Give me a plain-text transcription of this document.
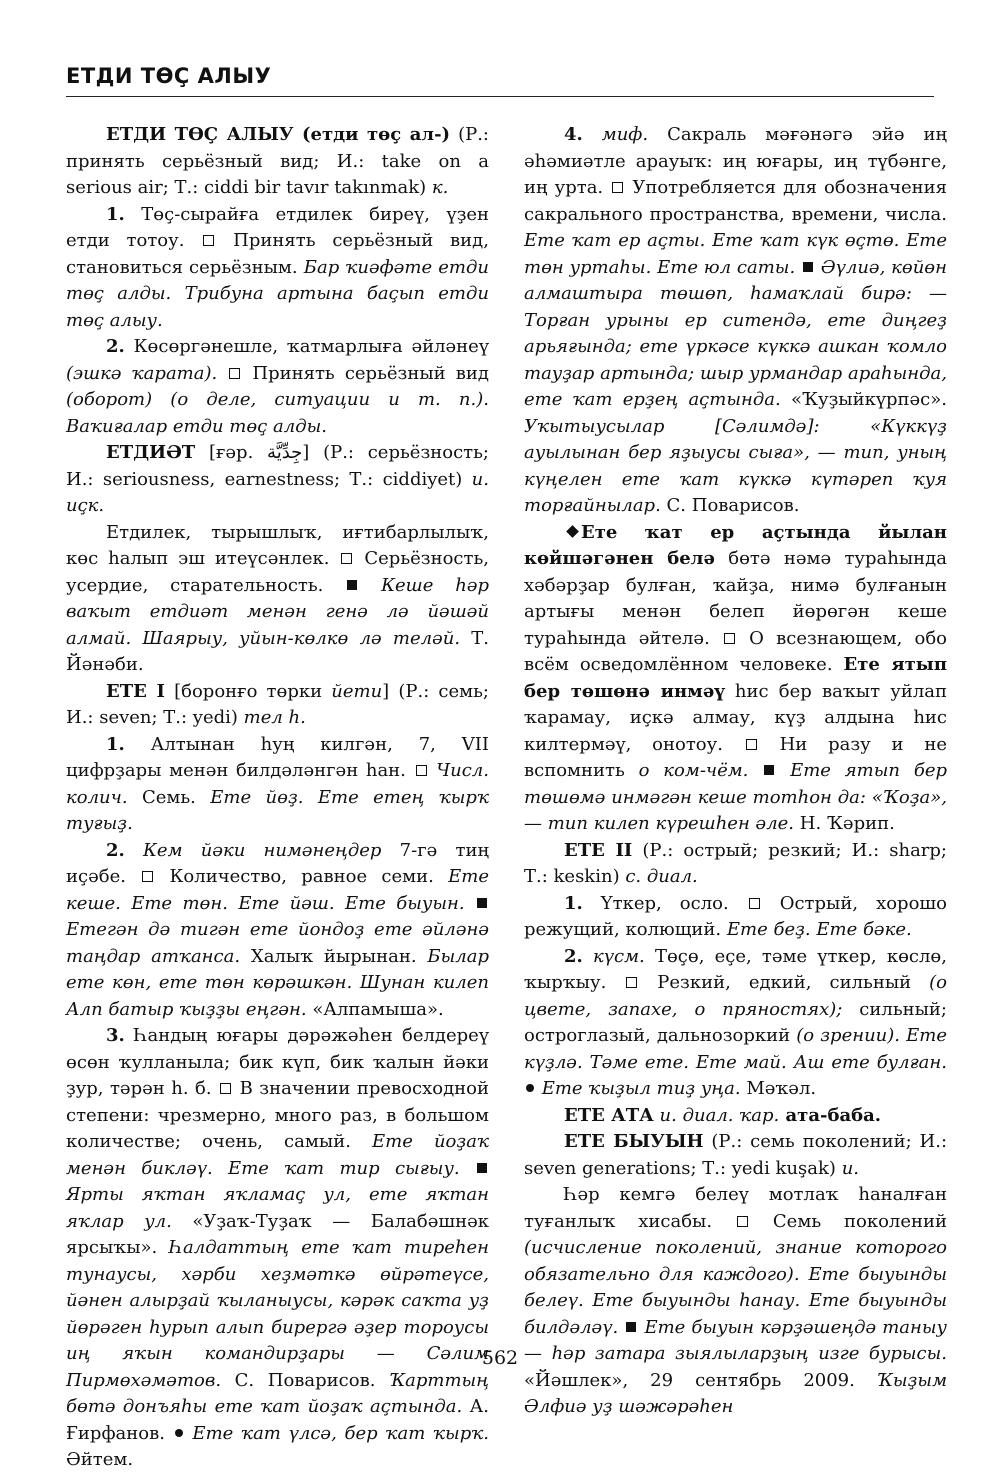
ЕТДИ ТӨҪ АЛЫУ

ЕТДИ ТӨҪ АЛЫУ (етди төҫ ал-) (Р.: принять серьёзный вид; И.: take on a serious air; Т.: ciddi bir tavır takınmak) к.

1. Төҫ-сырайға етдилек биреү, үҙен етди тотоу.  Принять серьёзный вид, становиться серьёзным. Бар ҡиәфәте етди төҫ алды. Трибуна артына баҫып етди төҫ алыу.

2. Көсөргәнешле, ҡатмарлыға әйләнеү (эшкә ҡарата).  Принять серьёзный вид (оборот) (о деле, ситуации и т. п.). Ваҡиғалар етди төҫ алды.

ЕТДИӘТ [ғәр. جِدِّيَّة] (Р.: серьёзность; И.: seriousness, earnestness; Т.: ciddiyet) и. иҫк.

Етдилек, тырышлыҡ, иғтибарлылыҡ, көс һалып эш итеүсәнлек.  Серьёзность, усердие, старательность.  Кеше һәр ваҡыт етдиәт менән генә лә йәшәй алмай. Шаярыу, уйын-көлкө лә теләй. Т. Йәнәби.

ЕТЕ I [боронғо төрки йети] (Р.: семь; И.: seven; Т.: yedi) тел һ.

1. Алтынан һуң килгән, 7, VII цифрҙары менән билдәләнгән һан.  Числ. колич. Семь. Ете йөҙ. Ете етең ҡырҡ туғыҙ.

2. Кем йәки нимәнеңдер 7-гә тиң иҫәбе.  Количество, равное семи. Ете кеше. Ете төн. Ете йәш. Ете быуын.  Етегән дә тигән ете йондоҙ ете әйләнә таңдар атҡанса. Халыҡ йырынан. Былар ете көн, ете төн көрәшкән. Шунан килеп Алп батыр ҡыҙҙы еңгән. «Алпамыша».

3. Һандың юғары дәрәжәһен белдереү өсөн ҡулланыла; бик күп, бик ҡалын йәки ҙур, тәрән һ. б.  В значении превосходной степени: чрезмерно, много раз, в большом количестве; очень, самый. Ете йоҙаҡ менән бикләү. Ете ҡат тир сығыу.  Ярты яҡтан яҡламаҫ ул, ете яҡтан яҡлар ул. «Уҙаҡ-Туҙаҡ — Балабәшнәк ярсыҡы». Һалдаттың ете ҡат тиреһен тунаусы, хәрби хеҙмәткә өйрәтеүсе, йәнен алырҙай ҡыланыусы, кәрәк саҡта уҙ йөрәген һурып алып бирергә әҙер тороусы иң яҡын командирҙары — Сәлим Пирмөхәмәтов. С. Поварисов. Ҡарттың бөтә донъяһы ете ҡат йоҙаҡ аҫтында. А. Ғирфанов.  Ете ҡат үлсә, бер ҡат ҡырҡ. Әйтем.

4. миф. Сакраль мәғәнәгә эйә иң әһәмиәтле арауыҡ: иң юғары, иң түбәнге, иң урта.  Употребляется для обозначения сакрального пространства, времени, числа. Ете ҡат ер аҫты. Ете ҡат күк өҫтө. Ете төн уртаһы. Ете юл саты.  Әүлиә, көйөн алмаштыра төшөп, һамаҡлай бирә: — Торған урыны ер ситендә, ете диңгеҙ арьяғында; ете үркәсе күккә ашкан ҡомло тауҙар артында; шыр урмандар араһында, ете ҡат ерҙең аҫтында. «Ҡуҙыйкүрпәс». Уҡытыусылар [Сәлимдә]: «Күккүҙ ауылынан бер яҙыусы сыға», — тип, уның күңелен ете ҡат күккә күтәреп ҡуя торғайнылар. С. Поварисов.

Ете ҡат ер аҫтында йылан көйшәгәнен белә бөтә нәмә тураһында хәбәрҙар булған, ҡайҙа, нимә булғанын артығы менән белеп йөрөгән кеше тураһында әйтелә.  О всезнающем, обо всём осведомлённом человеке. Ете ятып бер төшөнә инмәү һис бер ваҡыт уйлап ҡарамау, иҫкә алмау, күҙ алдына һис килтермәү, онотоу.  Ни разу и не вспомнить о ком-чём.  Ете ятып бер төшөмә инмәгән кеше тотһон да: «Ҡоҙа», — тип килеп күрешһен әле. Н. Ҡәрип.

ЕТЕ II (Р.: острый; резкий; И.: sharp; Т.: keskin) с. диал.

1. Үткер, осло.  Острый, хорошо режущий, колющий. Ете беҙ. Ете бәке.

2. күсм. Төҫө, еҫе, тәме үткер, көслө, ҡырҡыу.  Резкий, едкий, сильный (о цвете, запахе, о пряностях); сильный; остроглазый, дальнозоркий (о зрении). Ете күҙлә. Тәме ете. Ете май. Аш ете булған.  Ете ҡыҙыл тиҙ уңа. Мәҡәл.

ЕТЕ АТА и. диал. ҡар. ата-баба.

ЕТЕ БЫУЫН (Р.: семь поколений; И.: seven generations; Т.: yedi kuşak) и.

Һәр кемгә белеү мотлаҡ һаналған туғанлыҡ хисабы.  Семь поколений (исчисление поколений, знание которого обязательно для каждого). Ете быуынды белеү. Ете быуынды һанау. Ете быуынды билдәләү.  Ете быуын кәрҙәшеңдә таныу — һәр затара зыялыларҙың изге бурысы. «Йәшлек», 29 сентябрь 2009. Ҡыҙым Әлфиә уҙ шәжәрәһен

562
